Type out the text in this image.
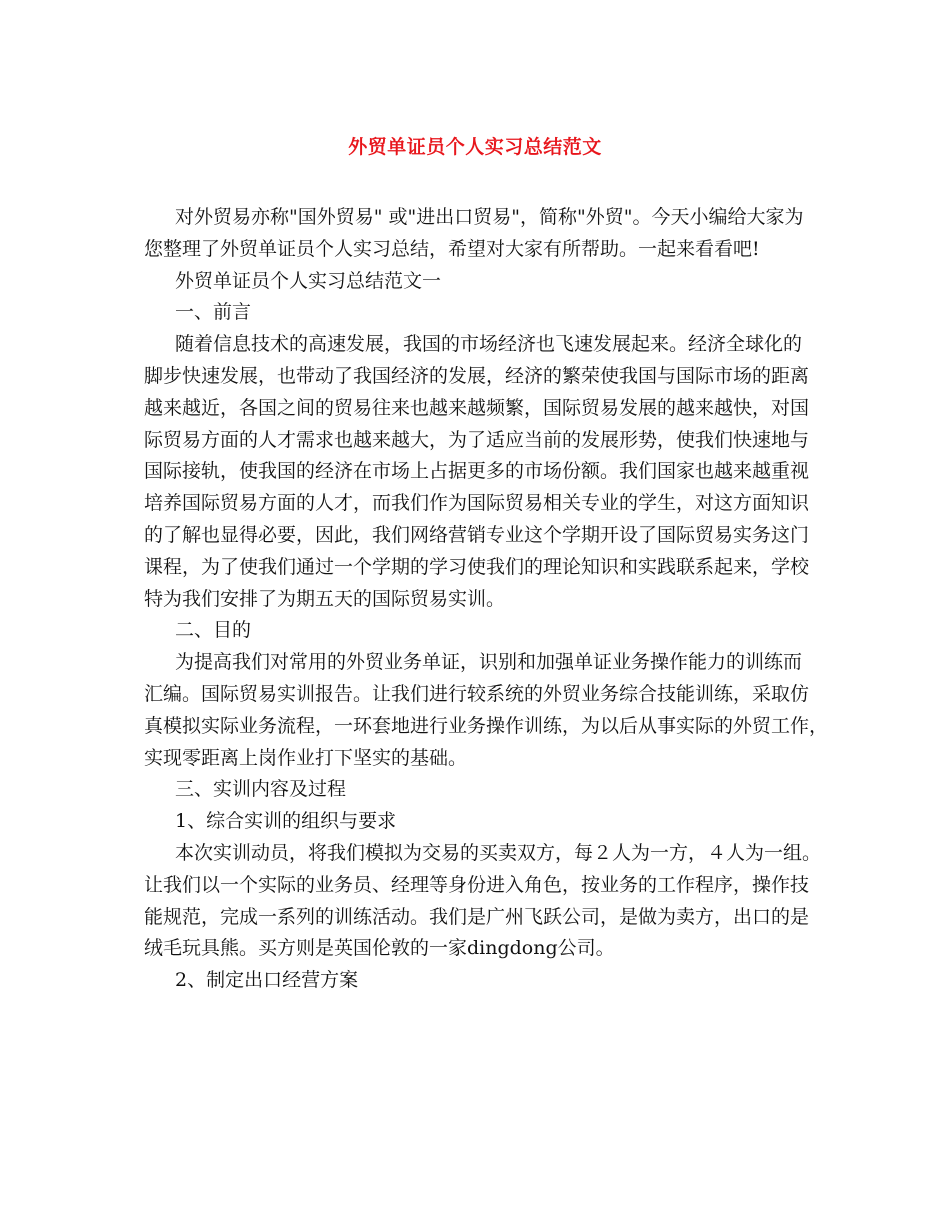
外贸单证员个人实习总结范文

对外贸易亦称"国外贸易" 或"进出口贸易"，简称"外贸"。今天小编给大家为
您整理了外贸单证员个人实习总结，希望对大家有所帮助。一起来看看吧!

外贸单证员个人实习总结范文一

一、前言

随着信息技术的高速发展，我国的市场经济也飞速发展起来。经济全球化的
脚步快速发展，也带动了我国经济的发展，经济的繁荣使我国与国际市场的距离
越来越近，各国之间的贸易往来也越来越频繁，国际贸易发展的越来越快，对国
际贸易方面的人才需求也越来越大，为了适应当前的发展形势，使我们快速地与
国际接轨，使我国的经济在市场上占据更多的市场份额。我们国家也越来越重视
培养国际贸易方面的人才，而我们作为国际贸易相关专业的学生，对这方面知识
的了解也显得必要，因此，我们网络营销专业这个学期开设了国际贸易实务这门
课程，为了使我们通过一个学期的学习使我们的理论知识和实践联系起来，学校
特为我们安排了为期五天的国际贸易实训。

二、目的

为提高我们对常用的外贸业务单证，识别和加强单证业务操作能力的训练而
汇编。国际贸易实训报告。让我们进行较系统的外贸业务综合技能训练，采取仿
真模拟实际业务流程，一环套地进行业务操作训练，为以后从事实际的外贸工作，
实现零距离上岗作业打下坚实的基础。

三、实训内容及过程

1、综合实训的组织与要求

本次实训动员，将我们模拟为交易的买卖双方，每２人为一方，４人为一组。
让我们以一个实际的业务员、经理等身份进入角色，按业务的工作程序，操作技
能规范，完成一系列的训练活动。我们是广州飞跃公司，是做为卖方，出口的是
绒毛玩具熊。买方则是英国伦敦的一家dingdong公司。

2、制定出口经营方案
